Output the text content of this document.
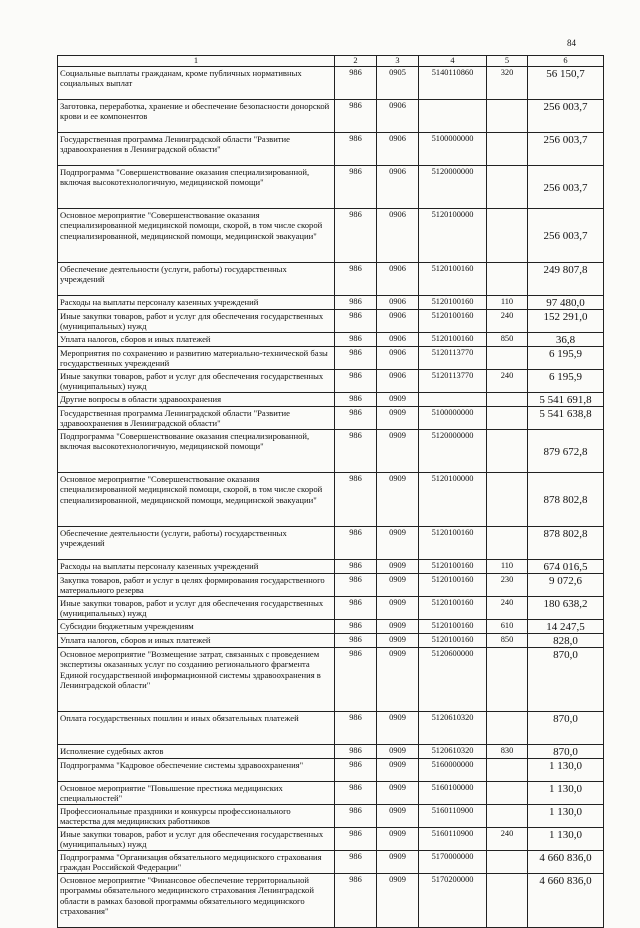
84
1	2	3	4	5	6
Социальные выплаты гражданам, кроме публичных нормативных социальных выплат	986	0905	5140110860	320	56 150,7
Заготовка, переработка, хранение и обеспечение безопасности донорской крови и ее компонентов	986	0906			256 003,7
Государственная программа Ленинградской области "Развитие здравоохранения в Ленинградской области"	986	0906	5100000000		256 003,7
Подпрограмма "Совершенствование оказания специализированной, включая высокотехнологичную, медицинской помощи"	986	0906	5120000000		256 003,7
Основное мероприятие "Совершенствование оказания специализированной медицинской помощи, скорой, в том числе скорой специализированной, медицинской помощи, медицинской эвакуации"	986	0906	5120100000		256 003,7
Обеспечение деятельности (услуги, работы) государственных учреждений	986	0906	5120100160		249 807,8
Расходы на выплаты персоналу казенных учреждений	986	0906	5120100160	110	97 480,0
Иные закупки товаров, работ и услуг для обеспечения государственных (муниципальных) нужд	986	0906	5120100160	240	152 291,0
Уплата налогов, сборов и иных платежей	986	0906	5120100160	850	36,8
Мероприятия по сохранению и развитию материально-технической базы государственных учреждений	986	0906	5120113770		6 195,9
Иные закупки товаров, работ и услуг для обеспечения государственных (муниципальных) нужд	986	0906	5120113770	240	6 195,9
Другие вопросы в области здравоохранения	986	0909			5 541 691,8
Государственная программа Ленинградской области "Развитие здравоохранения в Ленинградской области"	986	0909	5100000000		5 541 638,8
Подпрограмма "Совершенствование оказания специализированной, включая высокотехнологичную, медицинской помощи"	986	0909	5120000000		879 672,8
Основное мероприятие "Совершенствование оказания специализированной медицинской помощи, скорой, в том числе скорой специализированной, медицинской помощи, медицинской эвакуации"	986	0909	5120100000		878 802,8
Обеспечение деятельности (услуги, работы) государственных учреждений	986	0909	5120100160		878 802,8
Расходы на выплаты персоналу казенных учреждений	986	0909	5120100160	110	674 016,5
Закупка товаров, работ и услуг в целях формирования государственного материального резерва	986	0909	5120100160	230	9 072,6
Иные закупки товаров, работ и услуг для обеспечения государственных (муниципальных) нужд	986	0909	5120100160	240	180 638,2
Субсидии бюджетным учреждениям	986	0909	5120100160	610	14 247,5
Уплата налогов, сборов и иных платежей	986	0909	5120100160	850	828,0
Основное мероприятие "Возмещение затрат, связанных с проведением экспертизы оказанных услуг по созданию регионального фрагмента Единой государственной информационной системы здравоохранения в Ленинградской области"	986	0909	5120600000		870,0
Оплата государственных пошлин и иных обязательных платежей	986	0909	5120610320		870,0
Исполнение судебных актов	986	0909	5120610320	830	870,0
Подпрограмма "Кадровое обеспечение системы здравоохранения"	986	0909	5160000000		1 130,0
Основное мероприятие "Повышение престижа медицинских специальностей"	986	0909	5160100000		1 130,0
Профессиональные праздники и конкурсы профессионального мастерства для медицинских работников	986	0909	5160110900		1 130,0
Иные закупки товаров, работ и услуг для обеспечения государственных (муниципальных) нужд	986	0909	5160110900	240	1 130,0
Подпрограмма "Организация обязательного медицинского страхования граждан Российской Федерации"	986	0909	5170000000		4 660 836,0
Основное мероприятие "Финансовое обеспечение территориальной программы обязательного медицинского страхования Ленинградской области в рамках базовой программы обязательного медицинского страхования"	986	0909	5170200000		4 660 836,0
